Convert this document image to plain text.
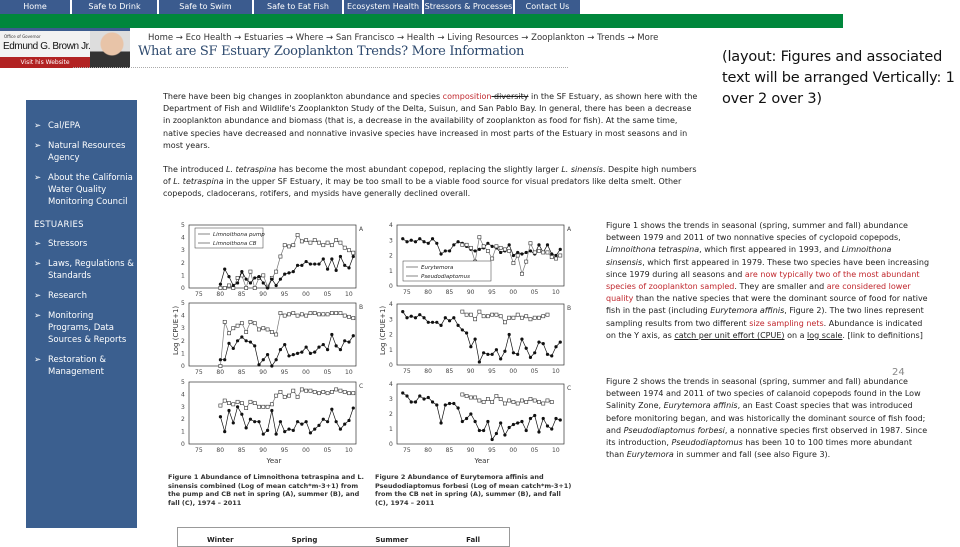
Home	Safe to Drink	Safe to Swim	Safe to Eat Fish	Ecosystem Health Stressors & Processes	Contact Us
Office of Governor
Edmund G. Brown Jr.
Visit his Website
Home → Eco Health → Estuaries → Where → San Francisco → Health → Living Resources → Zooplankton → Trends → More
What are SF Estuary Zooplankton Trends? More Information	(layout: Figures and associated text will be arranged Vertically: 1 over 2 over 3)
➢ Cal/EPA
➢ Natural Resources Agency
➢ About the California Water Quality Monitoring Council
ESTUARIES
➢ Stressors
➢ Laws, Regulations & Standards
➢ Research
➢ Monitoring Programs, Data Sources & Reports
➢ Restoration & Management
There have been big changes in zooplankton abundance and species composition diversity in the SF Estuary, as shown here with the Department of Fish and Wildlife's Zooplankton Study of the Delta, Suisun, and San Pablo Bay. In general, there has been a decrease in zooplankton abundance and biomass (that is, a decrease in the availability of zooplankton as food for fish). At the same time, native species have decreased and nonnative invasive species have increased in most parts of the Estuary in most seasons and in most years.
The introduced L. tetraspina has become the most abundant copepod, replacing the slightly larger L. sinensis. Despite high numbers of L. tetraspina in the upper SF Estuary, it may be too small to be a viable food source for visual predators like delta smelt. Other copepods, cladocerans, rotifers, and mysids have generally declined overall.
Figure 1 shows the trends in seasonal (spring, summer and fall) abundance between 1979 and 2011 of two nonnative species of cyclopoid copepods, Limnoithona tetraspina, which first appeared in 1993, and Limnoithona sinsensis, which first appeared in 1979. These two species have been increasing since 1979 during all seasons and are now typically two of the most abundant species of zooplankton sampled. They are smaller and are considered lower quality than the native species that were the dominant source of food for native fish in the past (including Eurytemora affinis, Figure 2). The two lines represent sampling results from two different size sampling nets. Abundance is indicated on the Y axis, as catch per unit effort (CPUE) on a log scale. [link to definitions]
24
Figure 2 shows the trends in seasonal (spring, summer and fall) abundance between 1974 and 2011 of two species of calanoid copepods found in the Low Salinity Zone, Eurytemora affinis, an East Coast species that was introduced before monitoring began, and was historically the dominant source of fish food; and Pseudodiaptomus forbesi, a nonnative species first observed in 1987. Since its introduction, Pseudodiaptomus has been 10 to 100 times more abundant than Eurytemora in summer and fall (see also Figure 3).
A
0
1
2
3
4
5
75 80 85 90 95 00 05 10
Limnoithona pump
Limnoithona CB
B
0
1
2
3
4
5
75 80 85 90 95 00 05 10
C
0
1
2
3
4
5
75 80 85 90 95 00 05 10
Log (CPUE+1)
Year
A
0
1
2
3
4
75 80 85 90 95 00 05 10
Eurytemora
Pseudodiaptomus
B
0
1
2
3
4
75 80 85 90 95 00 05 10
C
0
1
2
3
4
75 80 85 90 95 00 05 10
Log (CPUE+1)
Year
Figure 1 Abundance of Limnoithona tetraspina and L. sinensis combined (Log of mean catch*m-3+1) from the pump and CB net in spring (A), summer (B), and fall (C), 1974 – 2011
Figure 2 Abundance of Eurytemora affinis and Pseudodiaptomus forbesi (Log of mean catch*m-3+1) from the CB net in spring (A), summer (B), and fall (C), 1974 – 2011
Winter	Spring	Summer	Fall
